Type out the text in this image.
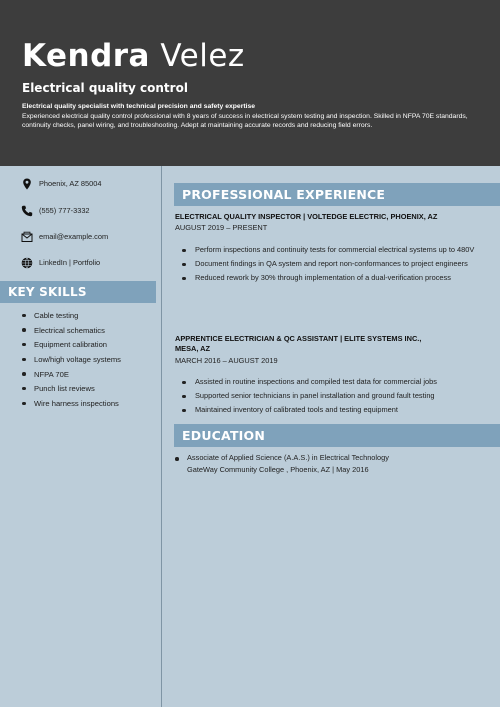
Kendra Velez
Electrical quality control
Electrical quality specialist with technical precision and safety expertise
Experienced electrical quality control professional with 8 years of success in electrical system testing and inspection. Skilled in NFPA 70E standards, continuity checks, panel wiring, and troubleshooting. Adept at maintaining accurate records and reducing field errors.
Phoenix, AZ 85004
(555) 777-3332
email@example.com
LinkedIn | Portfolio
KEY SKILLS
Cable testing
Electrical schematics
Equipment calibration
Low/high voltage systems
NFPA 70E
Punch list reviews
Wire harness inspections
PROFESSIONAL EXPERIENCE
ELECTRICAL QUALITY INSPECTOR | VOLTEDGE ELECTRIC, PHOENIX, AZ
AUGUST 2019 – PRESENT
Perform inspections and continuity tests for commercial electrical systems up to 480V
Document findings in QA system and report non-conformances to project engineers
Reduced rework by 30% through implementation of a dual-verification process
APPRENTICE ELECTRICIAN & QC ASSISTANT | ELITE SYSTEMS INC.,
MESA, AZ
MARCH 2016 – AUGUST 2019
Assisted in routine inspections and compiled test data for commercial jobs
Supported senior technicians in panel installation and ground fault testing
Maintained inventory of calibrated tools and testing equipment
EDUCATION
Associate of Applied Science (A.A.S.) in Electrical Technology
GateWay Community College , Phoenix, AZ | May 2016
